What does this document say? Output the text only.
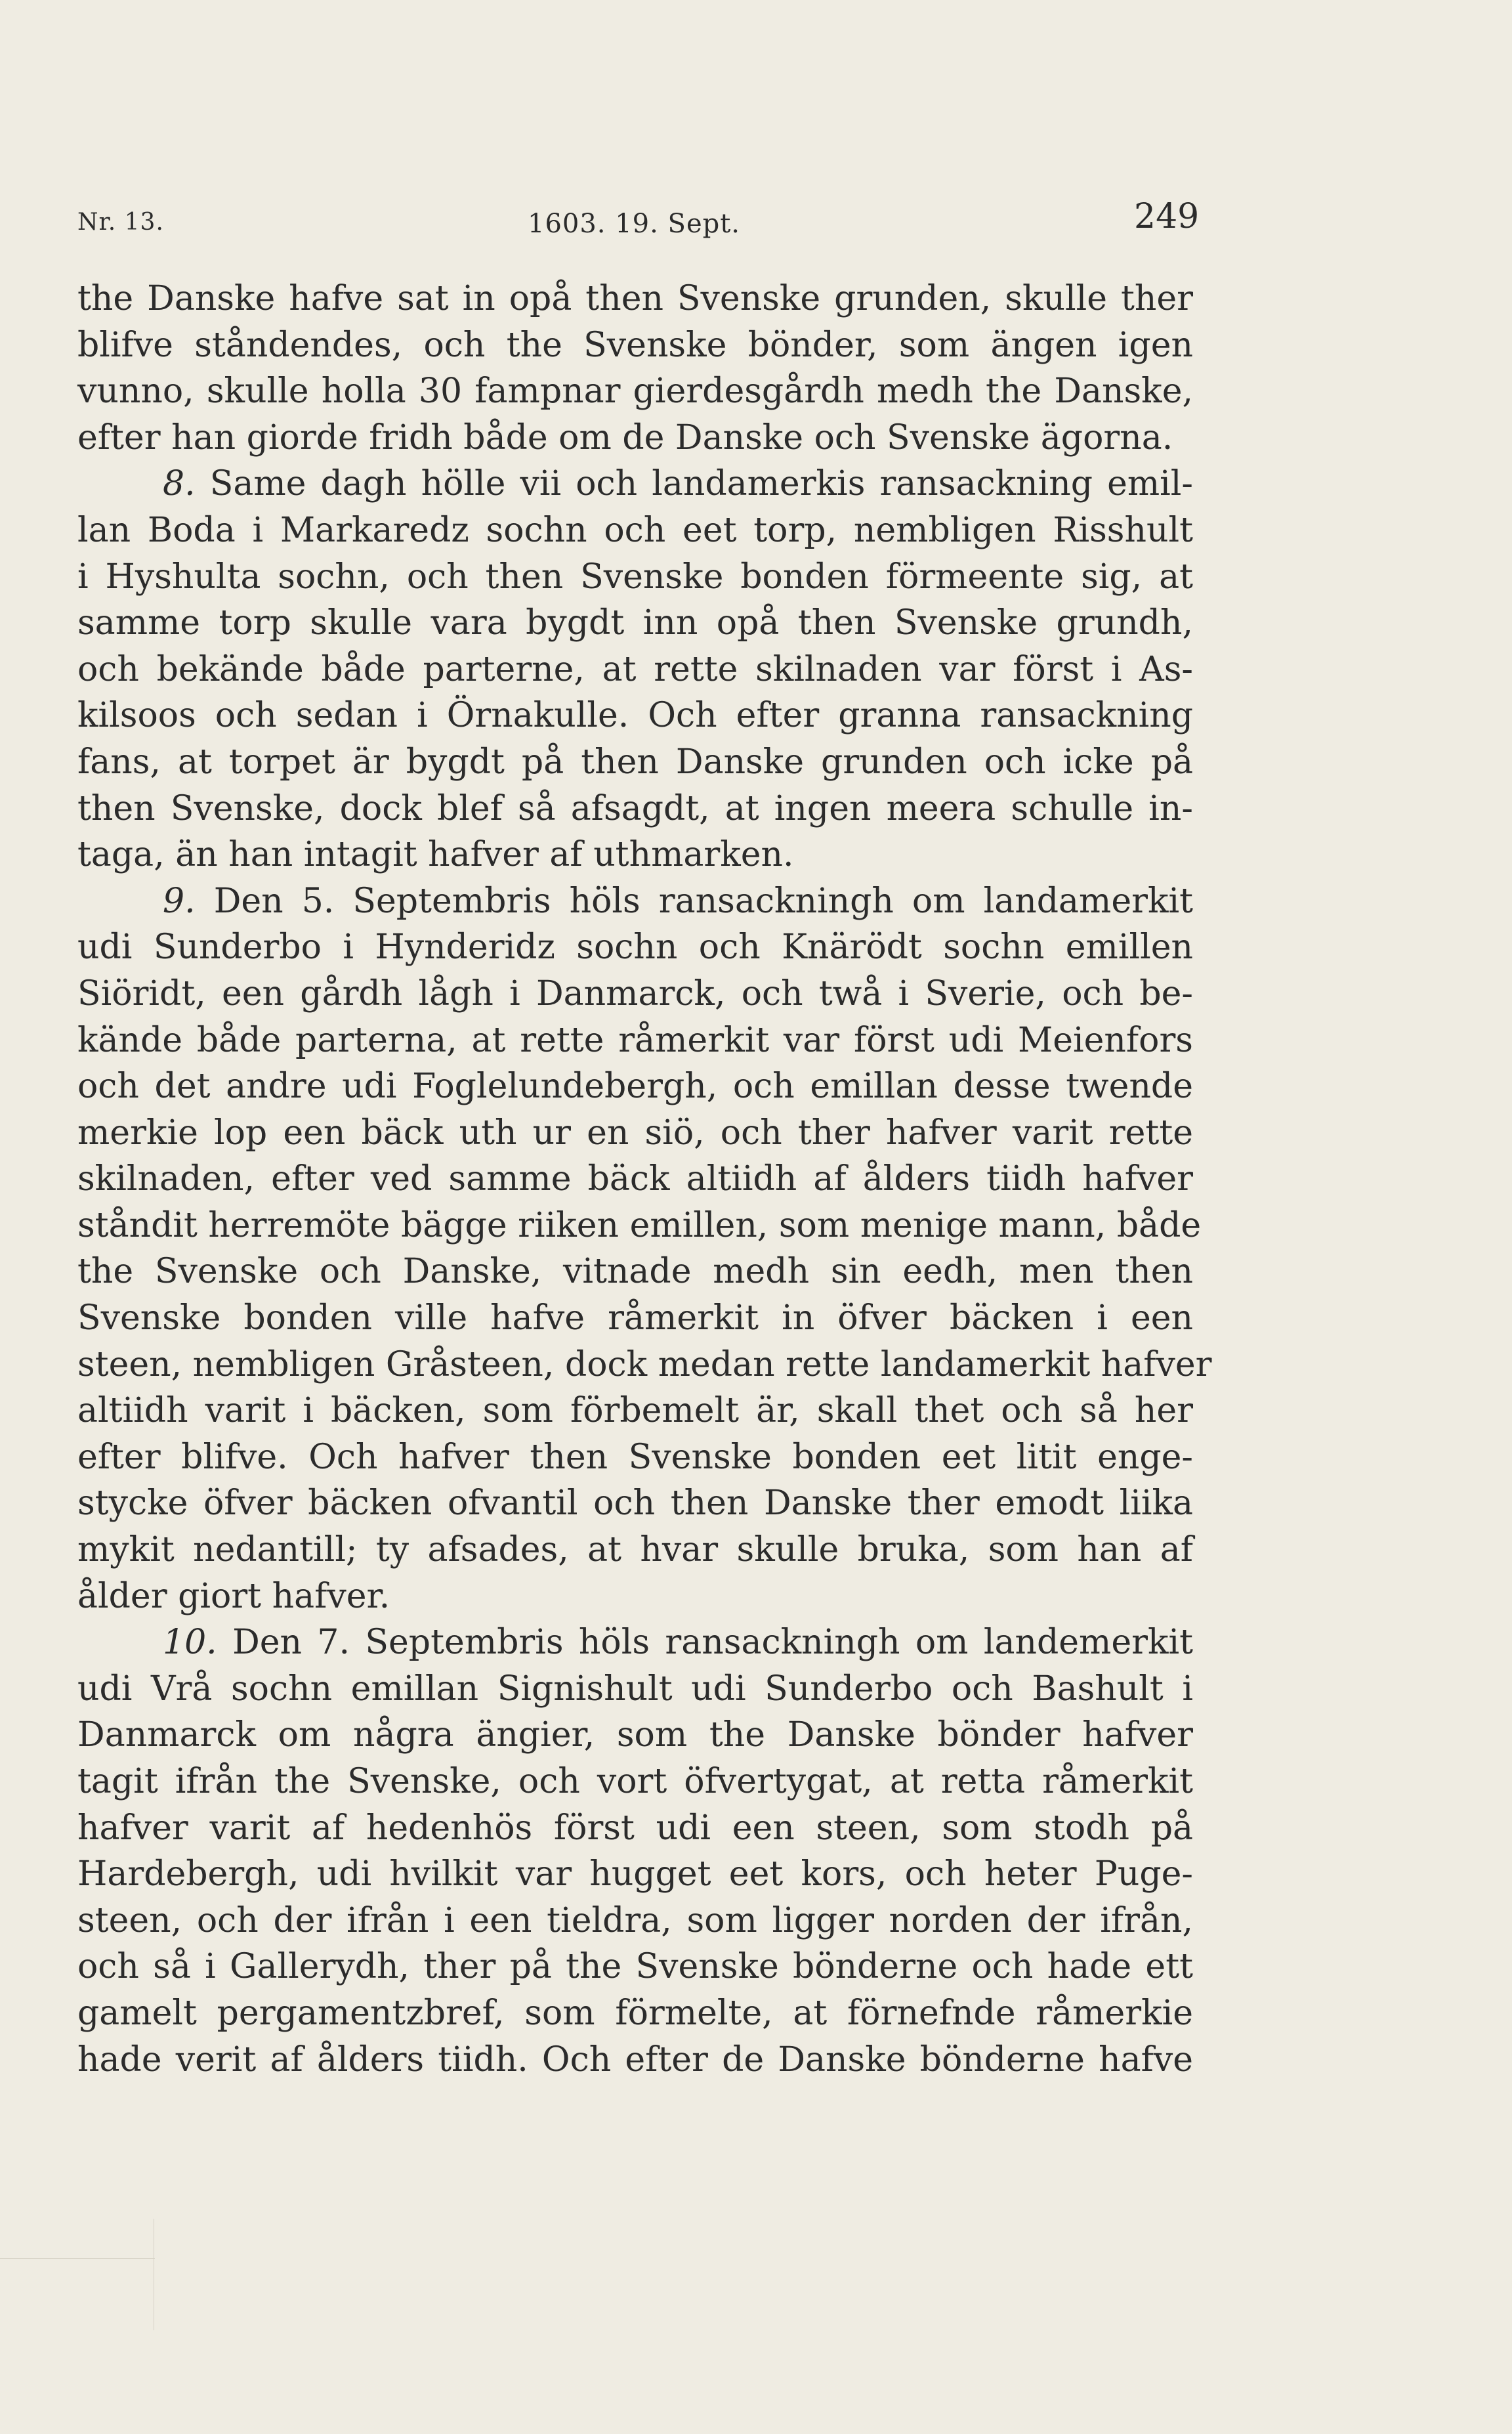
Nr. 13.	1603. 19. Sept.	249
the Danske hafve sat in opå then Svenske grunden, skulle ther
blifve ståndendes, och the Svenske bönder, som ängen igen
vunno, skulle holla 30 fampnar gierdesgårdh medh the Danske,
efter han giorde fridh både om de Danske och Svenske ägorna.
8. Same dagh hölle vii och landamerkis ransackning emil-
lan Boda i Markaredz sochn och eet torp, nembligen Risshult
i Hyshulta sochn, och then Svenske bonden förmeente sig, at
samme torp skulle vara bygdt inn opå then Svenske grundh,
och bekände både parterne, at rette skilnaden var först i As-
kilsoos och sedan i Örnakulle. Och efter granna ransackning
fans, at torpet är bygdt på then Danske grunden och icke på
then Svenske, dock blef så afsagdt, at ingen meera schulle in-
taga, än han intagit hafver af uthmarken.
9. Den 5. Septembris höls ransackningh om landamerkit
udi Sunderbo i Hynderidz sochn och Knärödt sochn emillen
Siöridt, een gårdh lågh i Danmarck, och twå i Sverie, och be-
kände både parterna, at rette råmerkit var först udi Meienfors
och det andre udi Foglelundebergh, och emillan desse twende
merkie lop een bäck uth ur en siö, och ther hafver varit rette
skilnaden, efter ved samme bäck altiidh af ålders tiidh hafver
ståndit herremöte bägge riiken emillen, som menige mann, både
the Svenske och Danske, vitnade medh sin eedh, men then
Svenske bonden ville hafve råmerkit in öfver bäcken i een
steen, nembligen Gråsteen, dock medan rette landamerkit hafver
altiidh varit i bäcken, som förbemelt är, skall thet och så her
efter blifve. Och hafver then Svenske bonden eet litit enge-
stycke öfver bäcken ofvantil och then Danske ther emodt liika
mykit nedantill; ty afsades, at hvar skulle bruka, som han af
ålder giort hafver.
10. Den 7. Septembris höls ransackningh om landemerkit
udi Vrå sochn emillan Signishult udi Sunderbo och Bashult i
Danmarck om några ängier, som the Danske bönder hafver
tagit ifrån the Svenske, och vort öfvertygat, at retta råmerkit
hafver varit af hedenhös först udi een steen, som stodh på
Hardebergh, udi hvilkit var hugget eet kors, och heter Puge-
steen, och der ifrån i een tieldra, som ligger norden der ifrån,
och så i Gallerydh, ther på the Svenske bönderne och hade ett
gamelt pergamentzbref, som förmelte, at förnefnde råmerkie
hade verit af ålders tiidh. Och efter de Danske bönderne hafve
